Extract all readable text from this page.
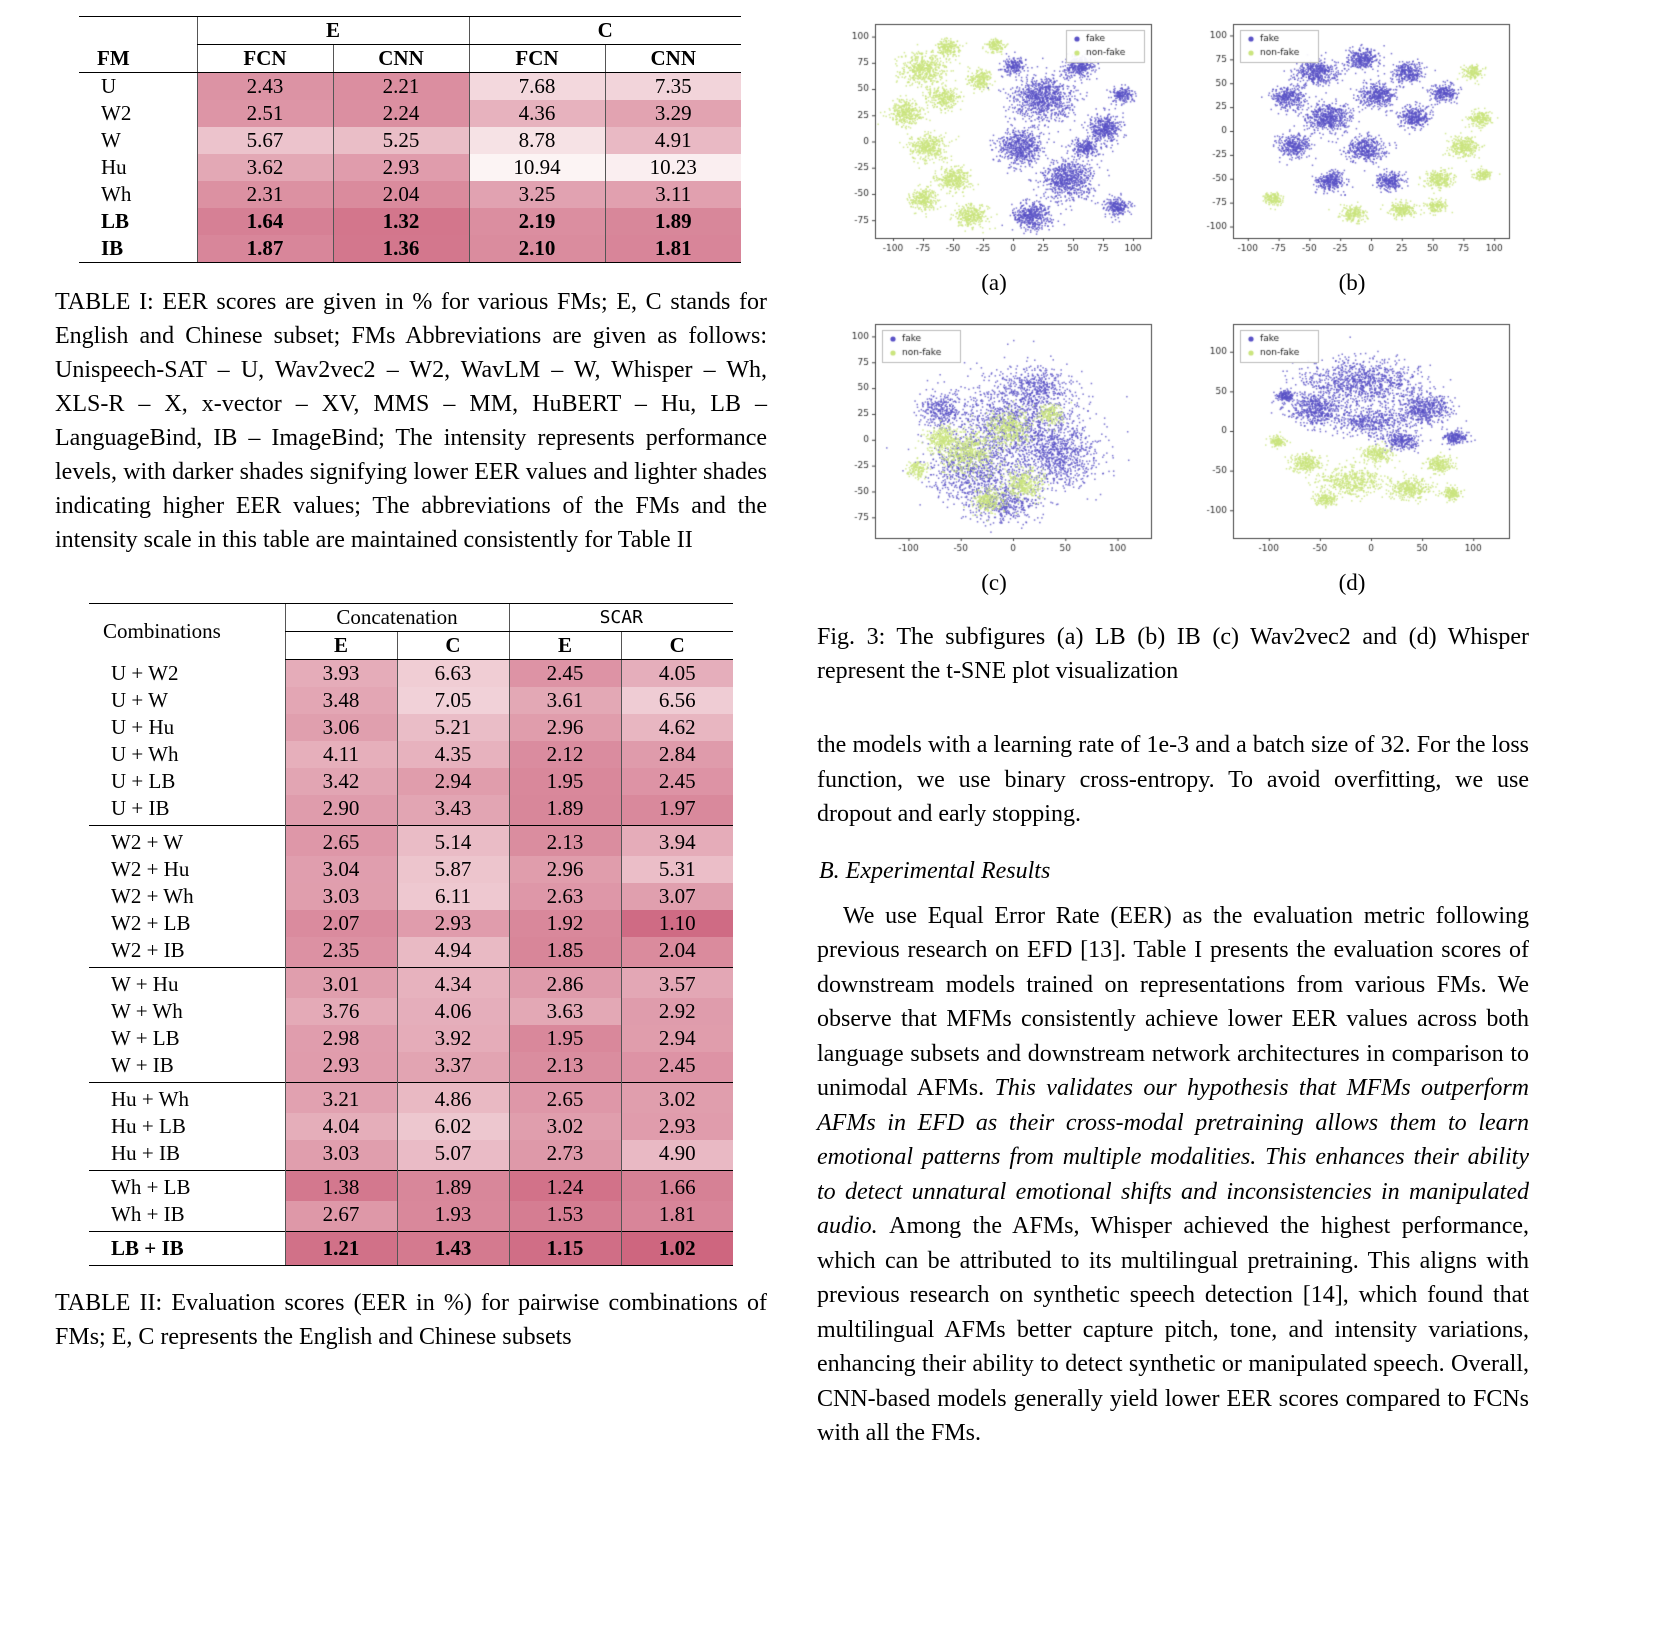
	E		C	
FM	FCN	CNN	FCN	CNN
U	2.43	2.21	7.68	7.35
W2	2.51	2.24	4.36	3.29
W	5.67	5.25	8.78	4.91
Hu	3.62	2.93	10.94	10.23
Wh	2.31	2.04	3.25	3.11
LB	1.64	1.32	2.19	1.89
IB	1.87	1.36	2.10	1.81
TABLE I: EER scores are given in % for various FMs; E, C stands for English and Chinese subset; FMs Abbreviations are given as follows: Unispeech-SAT – U, Wav2vec2 – W2, WavLM – W, Whisper – Wh, XLS-R – X, x-vector – XV, MMS – MM, HuBERT – Hu, LB – LanguageBind, IB – ImageBind; The intensity represents performance levels, with darker shades signifying lower EER values and lighter shades indicating higher EER values; The abbreviations of the FMs and the intensity scale in this table are maintained consistently for Table II
Combinations	Concatenation		SCAR	
	E	C	E	C
U + W2	3.93	6.63	2.45	4.05
U + W	3.48	7.05	3.61	6.56
U + Hu	3.06	5.21	2.96	4.62
U + Wh	4.11	4.35	2.12	2.84
U + LB	3.42	2.94	1.95	2.45
U + IB	2.90	3.43	1.89	1.97
W2 + W	2.65	5.14	2.13	3.94
W2 + Hu	3.04	5.87	2.96	5.31
W2 + Wh	3.03	6.11	2.63	3.07
W2 + LB	2.07	2.93	1.92	1.10
W2 + IB	2.35	4.94	1.85	2.04
W + Hu	3.01	4.34	2.86	3.57
W + Wh	3.76	4.06	3.63	2.92
W + LB	2.98	3.92	1.95	2.94
W + IB	2.93	3.37	2.13	2.45
Hu + Wh	3.21	4.86	2.65	3.02
Hu + LB	4.04	6.02	3.02	2.93
Hu + IB	3.03	5.07	2.73	4.90
Wh + LB	1.38	1.89	1.24	1.66
Wh + IB	2.67	1.93	1.53	1.81
LB + IB	1.21	1.43	1.15	1.02
TABLE II: Evaluation scores (EER in %) for pairwise combinations of FMs; E, C represents the English and Chinese subsets
(a)	(b)
(c)	(d)
Fig. 3: The subfigures (a) LB (b) IB (c) Wav2vec2 and (d) Whisper represent the t-SNE plot visualization
the models with a learning rate of 1e-3 and a batch size of 32. For the loss function, we use binary cross-entropy. To avoid overfitting, we use dropout and early stopping.
B. Experimental Results
We use Equal Error Rate (EER) as the evaluation metric following previous research on EFD [13]. Table I presents the evaluation scores of downstream models trained on representations from various FMs. We observe that MFMs consistently achieve lower EER values across both language subsets and downstream network architectures in comparison to unimodal AFMs. This validates our hypothesis that MFMs outperform AFMs in EFD as their cross-modal pretraining allows them to learn emotional patterns from multiple modalities. This enhances their ability to detect unnatural emotional shifts and inconsistencies in manipulated audio. Among the AFMs, Whisper achieved the highest performance, which can be attributed to its multilingual pretraining. This aligns with previous research on synthetic speech detection [14], which found that multilingual AFMs better capture pitch, tone, and intensity variations, enhancing their ability to detect synthetic or manipulated speech. Overall, CNN-based models generally yield lower EER scores compared to FCNs with all the FMs.
